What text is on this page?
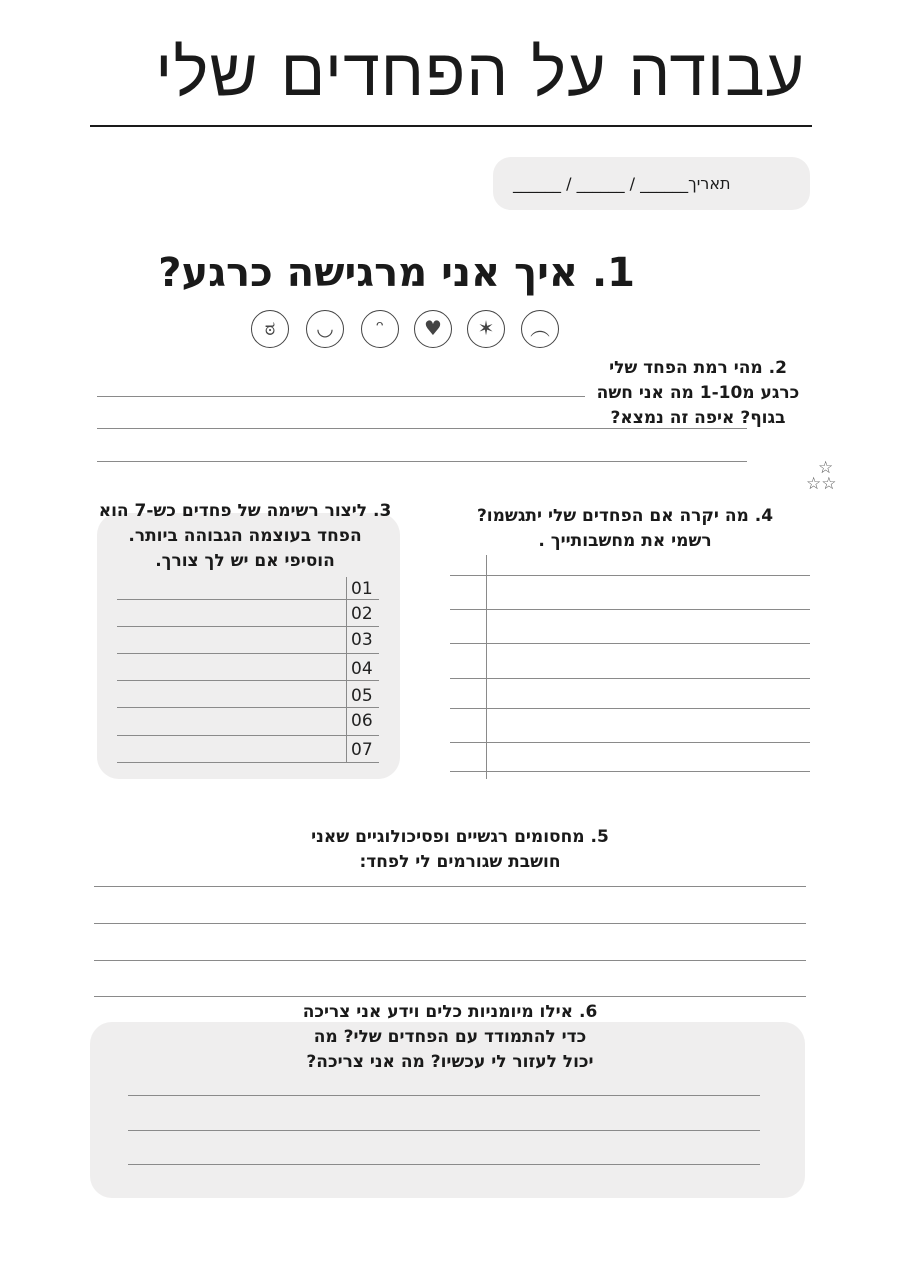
עבודה על הפחדים שלי
______ / ______ / ______תאריך
1. איך אני מרגישה כרגע?
ಠ	◡	ᵔ	♥	✶	︵
2. מהי רמת הפחד שלי
כרגע מ1-10 מה אני חשה
בגוף? איפה זה נמצא?
☆
☆☆
3. ליצור רשימה של פחדים כש-7 הוא
הפחד בעוצמה הגבוהה ביותר.
הוסיפי אם יש לך צורך.
01
02
03
04
05
06
07
4. מה יקרה אם הפחדים שלי יתגשמו?
רשמי את מחשבותייך .
5. מחסומים רגשיים ופסיכולוגיים שאני
חושבת שגורמים לי לפחד:
6. אילו מיומניות כלים וידע אני צריכה
כדי להתמודד עם הפחדים שלי? מה
יכול לעזור לי עכשיו? מה אני צריכה?
